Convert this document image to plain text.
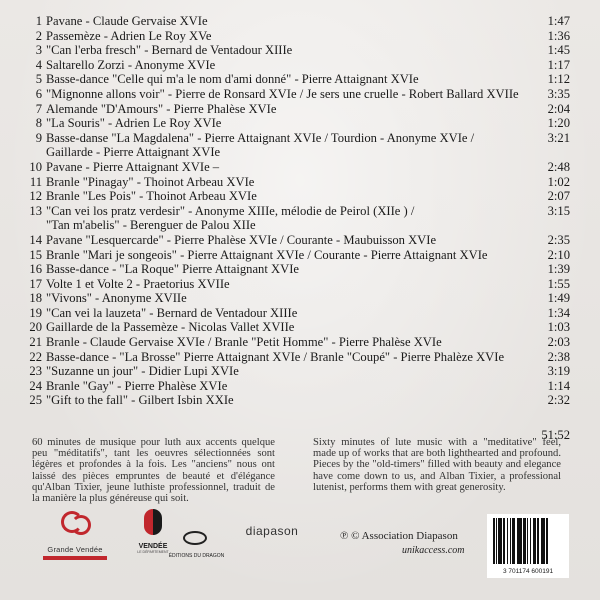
1 Pavane - Claude Gervaise XVIe	1:47
2 Passemèze - Adrien Le Roy XVe	1:36
3 "Can l'erba fresch" - Bernard de Ventadour XIIIe	1:45
4 Saltarello Zorzi - Anonyme XVIe	1:17
5 Basse-dance "Celle qui m'a le nom d'ami donné" - Pierre Attaignant XVIe	1:12
6 "Mignonne allons voir" - Pierre de Ronsard XVIe / Je sers une cruelle - Robert Ballard XVIIe 3:35
7 Alemande "D'Amours" - Pierre Phalèse XVIe	2:04
8 "La Souris" - Adrien Le Roy XVIe	1:20
9 Basse-danse "La Magdalena" - Pierre Attaignant XVIe / Tourdion - Anonyme XVIe /
Gaillarde - Pierre Attaignant XVIe
3:21
10 Pavane - Pierre Attaignant XVIe –	2:48
11 Branle "Pinagay" - Thoinot Arbeau XVIe	1:02
12 Branle "Les Pois" - Thoinot Arbeau XVIe	2:07
13 "Can vei los pratz verdesir" - Anonyme XIIIe, mélodie de Peirol (XIIe ) /
"Tan m'abelis" - Berenguer de Palou XIIe
3:15
14 Pavane "Lesquercarde" - Pierre Phalèse XVIe / Courante - Maubuisson XVIe	2:35
15 Branle "Mari je songeois" - Pierre Attaignant XVIe / Courante - Pierre Attaignant XVIe	2:10
16 Basse-dance - "La Roque" Pierre Attaignant XVIe	1:39
17 Volte 1 et Volte 2 - Praetorius XVIIe	1:55
18 "Vivons" - Anonyme XVIIe	1:49
19 "Can vei la lauzeta" - Bernard de Ventadour XIIIe	1:34
20 Gaillarde de la Passemèze - Nicolas Vallet XVIIe	1:03
21 Branle - Claude Gervaise XVIe / Branle "Petit Homme" - Pierre Phalèse XVIe	2:03
22 Basse-dance - "La Brosse" Pierre Attaignant XVIe / Branle "Coupé" - Pierre Phalèze XVIe	2:38
23 "Suzanne un jour" - Didier Lupi XVIe	3:19
24 Branle "Gay" - Pierre Phalèse XVIe	1:14
25 "Gift to the fall" - Gilbert Isbin XXIe	2:32
51:52
60 minutes de musique pour luth aux accents quelque peu "méditatifs", tant les oeuvres sélectionnées sont légères et profondes à la fois. Les "anciens" nous ont laissé des pièces empruntes de beauté et d'élégance qu'Alban Tixier, jeune luthiste professionnel, traduit de la manière la plus généreuse qui soit.
Sixty minutes of lute music with a "meditative" feel, made up of works that are both lighthearted and profound. Pieces by the "old-timers" filled with beauty and elegance have come down to us, and Alban Tixier, a professional lutenist, performs them with great generosity.
Grande Vendée	VENDÉE
LE DÉPARTEMENT
ÉDITIONS DU DRAGON
diapason	℗ © Association Diapason
unikaccess.com
3 701174 600191
